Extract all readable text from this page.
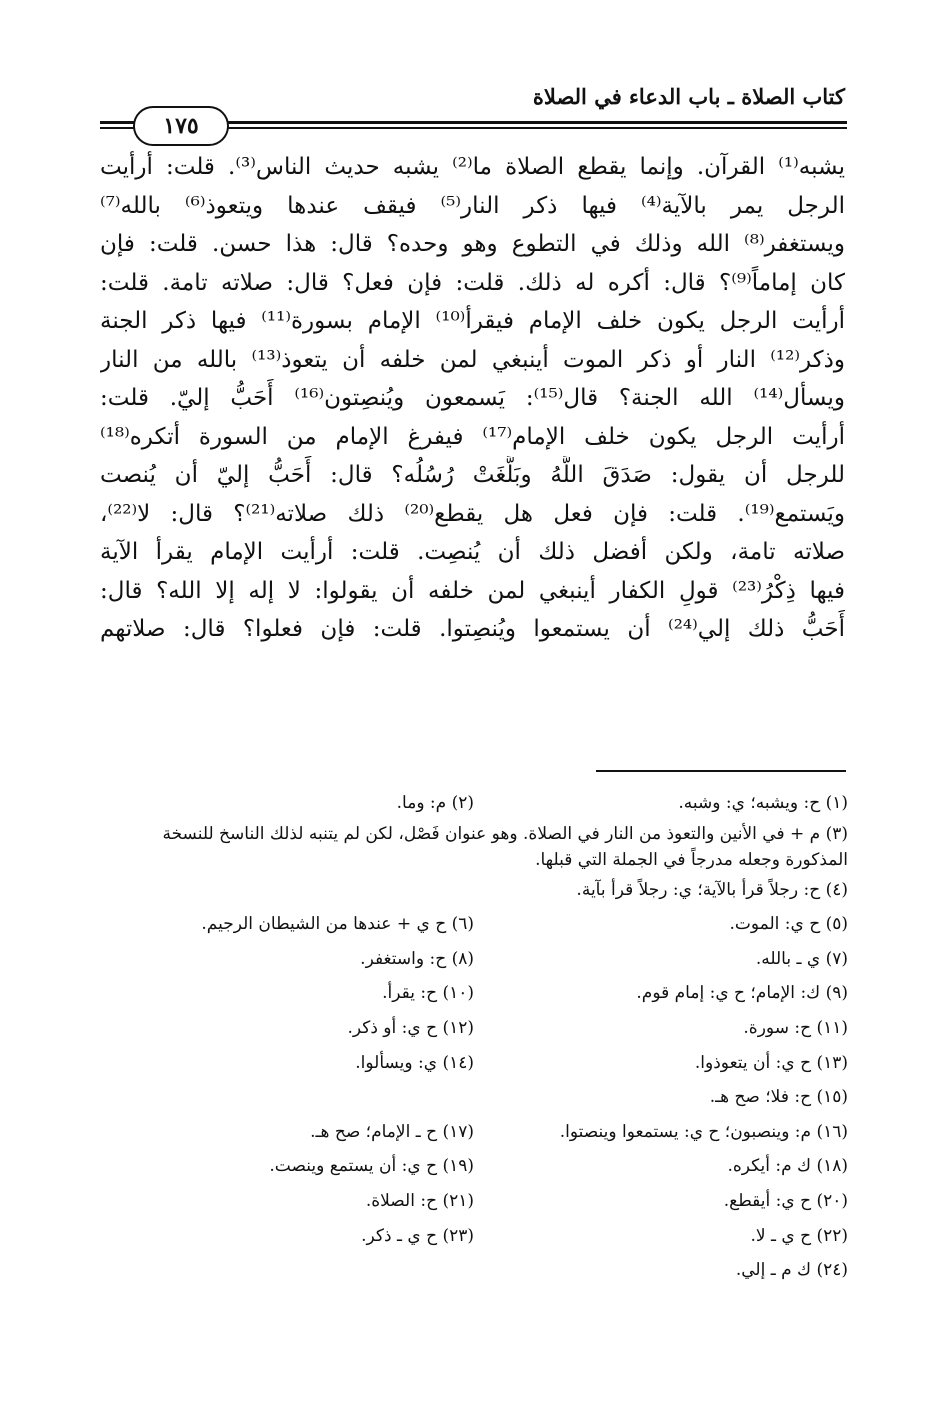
كتاب الصلاة ـ باب الدعاء في الصلاة
١٧٥
يشبه⁽¹⁾ القرآن. وإنما يقطع الصلاة ما⁽²⁾ يشبه حديث الناس⁽³⁾. قلت: أرأيت
الرجل يمر بالآية⁽⁴⁾ فيها ذكر النار⁽⁵⁾ فيقف عندها ويتعوذ⁽⁶⁾ بالله⁽⁷⁾
ويستغفر⁽⁸⁾ الله وذلك في التطوع وهو وحده؟ قال: هذا حسن. قلت: فإن
كان إماماً⁽⁹⁾؟ قال: أكره له ذلك. قلت: فإن فعل؟ قال: صلاته تامة. قلت:
أرأيت الرجل يكون خلف الإمام فيقرأ⁽¹⁰⁾ الإمام بسورة⁽¹¹⁾ فيها ذكر الجنة
وذكر⁽¹²⁾ النار أو ذكر الموت أينبغي لمن خلفه أن يتعوذ⁽¹³⁾ بالله من النار
ويسأل⁽¹⁴⁾ الله الجنة؟ قال⁽¹⁵⁾: يَسمعون ويُنصِتون⁽¹⁶⁾ أَحَبُّ إليّ. قلت:
أرأيت الرجل يكون خلف الإمام⁽¹⁷⁾ فيفرغ الإمام من السورة أتكره⁽¹⁸⁾
للرجل أن يقول: صَدَقَ اللَّهُ وبَلَّغَتْ رُسُلُه؟ قال: أَحَبُّ إليّ أن يُنصت
ويَستمع⁽¹⁹⁾. قلت: فإن فعل هل يقطع⁽²⁰⁾ ذلك صلاته⁽²¹⁾؟ قال: لا⁽²²⁾،
صلاته تامة، ولكن أفضل ذلك أن يُنصِت. قلت: أرأيت الإمام يقرأ الآية
فيها ذِكْرُ⁽²³⁾ قولِ الكفار أينبغي لمن خلفه أن يقولوا: لا إله إلا الله؟ قال:
أَحَبُّ ذلك إلي⁽²⁴⁾ أن يستمعوا ويُنصِتوا. قلت: فإن فعلوا؟ قال: صلاتهم
(١) ح: ويشبه؛ ي: وشبه.
(٢) م: وما.
(٣) م + في الأنين والتعوذ من النار في الصلاة. وهو عنوان فَصْل، لكن لم يتنبه لذلك الناسخ للنسخة المذكورة وجعله مدرجاً في الجملة التي قبلها.
(٤) ح: رجلاً قرأ بالآية؛ ي: رجلاً قرأ بآية.
(٥) ح ي: الموت.
(٦) ح ي + عندها من الشيطان الرجيم.
(٧) ي ـ بالله.
(٨) ح: واستغفر.
(٩) ك: الإمام؛ ح ي: إمام قوم.
(١٠) ح: يقرأ.
(١١) ح: سورة.
(١٢) ح ي: أو ذكر.
(١٣) ح ي: أن يتعوذوا.
(١٤) ي: ويسألوا.
(١٥) ح: فلا؛ صح هـ.
(١٦) م: وينصبون؛ ح ي: يستمعوا وينصتوا.
(١٧) ح ـ الإمام؛ صح هـ.
(١٨) ك م: أيكره.
(١٩) ح ي: أن يستمع وينصت.
(٢٠) ح ي: أيقطع.
(٢١) ح: الصلاة.
(٢٢) ح ي ـ لا.
(٢٣) ح ي ـ ذكر.
(٢٤) ك م ـ إلي.
